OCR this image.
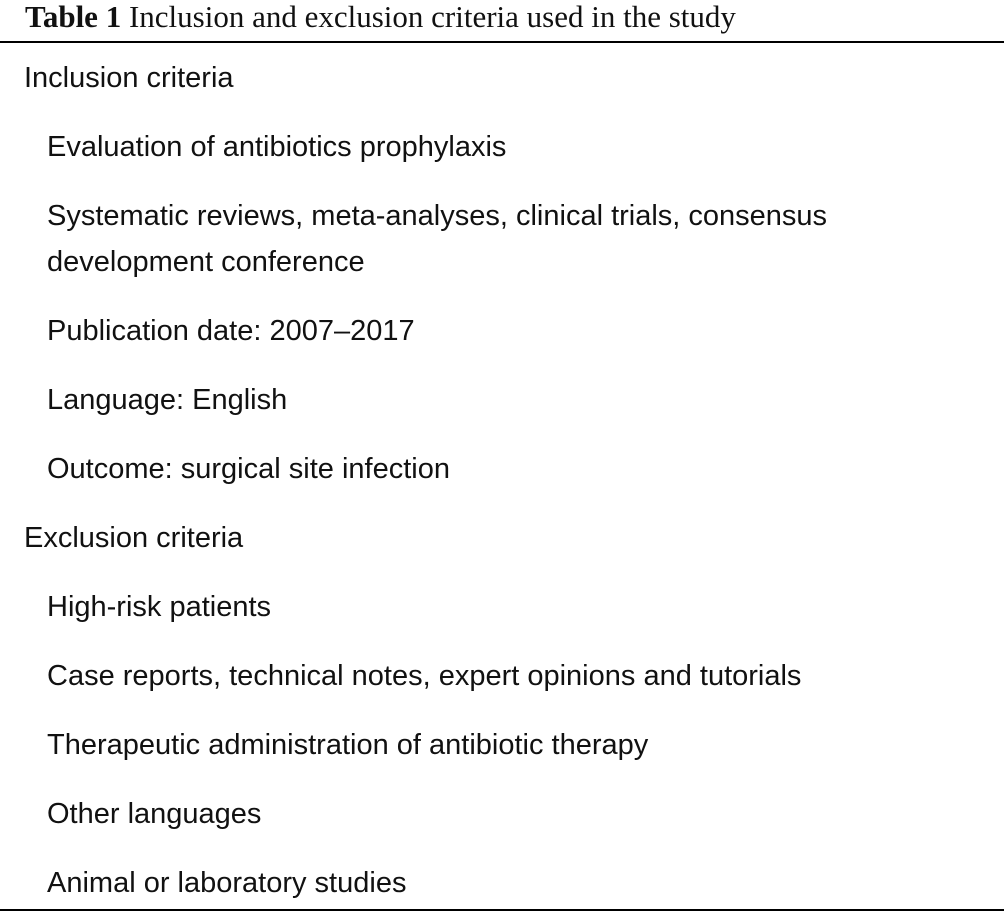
Table 1 Inclusion and exclusion criteria used in the study
Inclusion criteria
Evaluation of antibiotics prophylaxis
Systematic reviews, meta-analyses, clinical trials, consensus development conference
Publication date: 2007–2017
Language: English
Outcome: surgical site infection
Exclusion criteria
High-risk patients
Case reports, technical notes, expert opinions and tutorials
Therapeutic administration of antibiotic therapy
Other languages
Animal or laboratory studies
